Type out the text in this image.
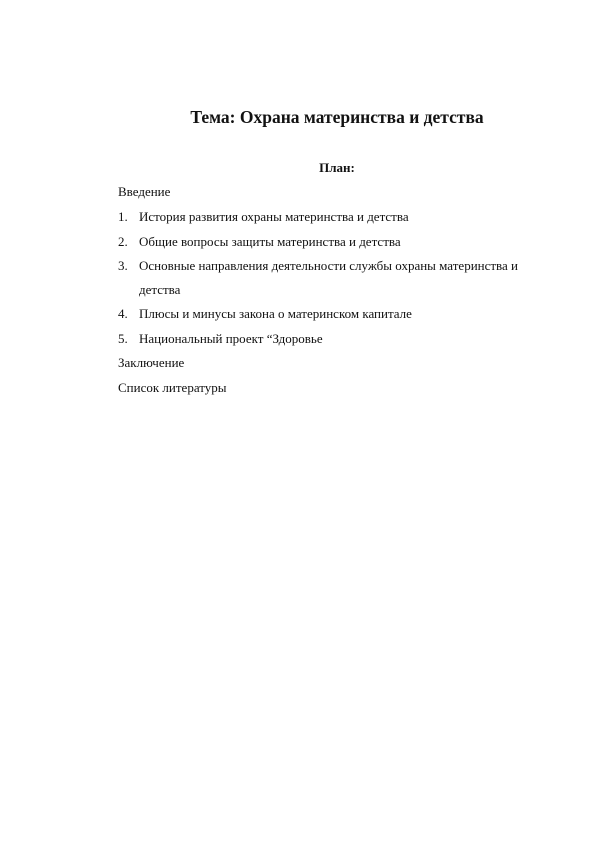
Тема: Охрана материнства и детства
План:
Введение
1. История развития охраны материнства и детства
2. Общие вопросы защиты материнства и детства
3. Основные направления деятельности службы охраны материнства и
детства
4. Плюсы и минусы закона о материнском капитале
5. Национальный проект “Здоровье
Заключение
Список литературы
